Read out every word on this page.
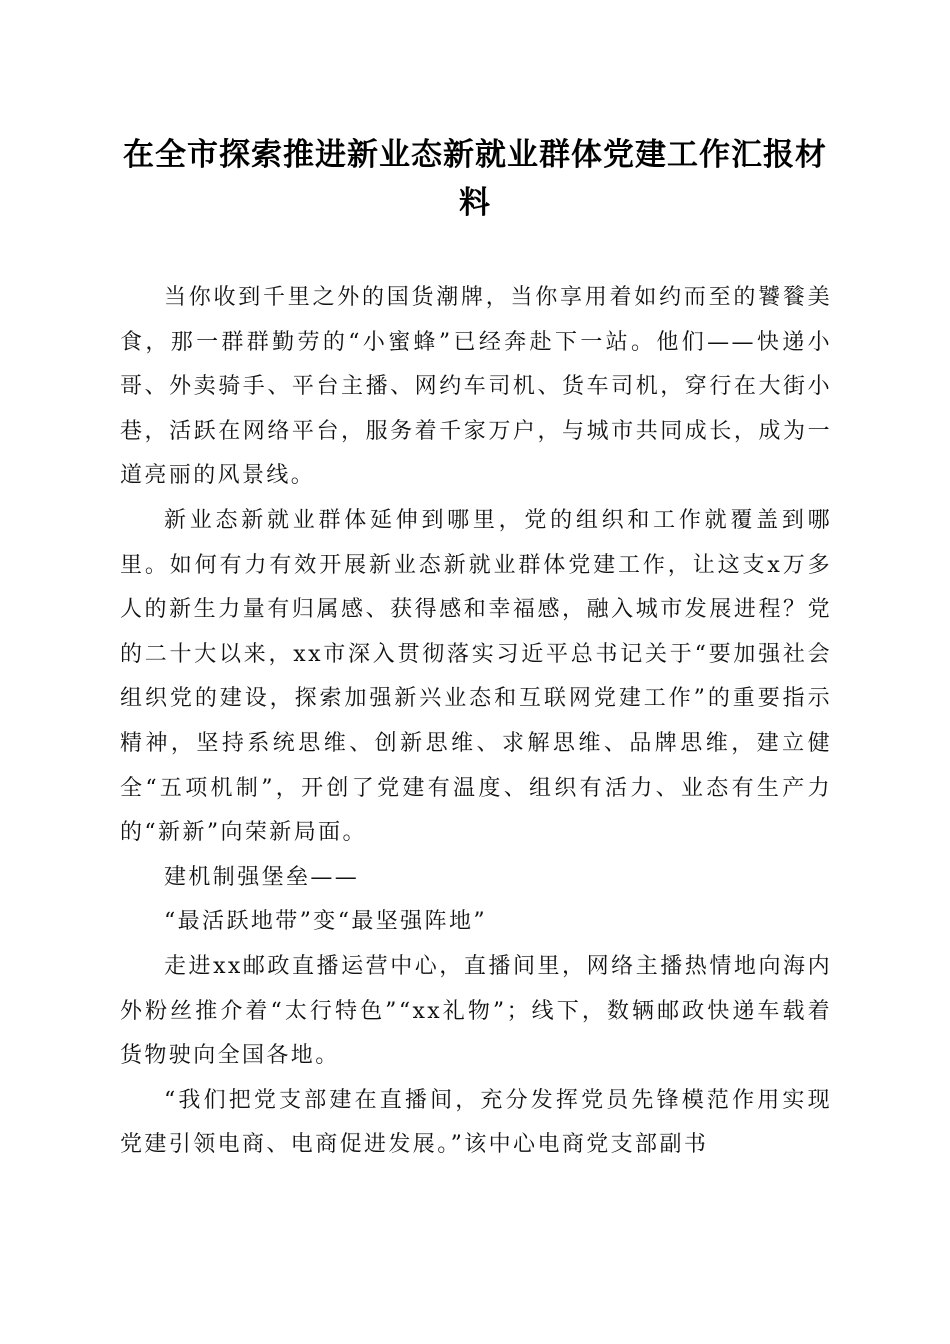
在全市探索推进新业态新就业群体党建工作汇报材料

当你收到千里之外的国货潮牌，当你享用着如约而至的饕餮美食，那一群群勤劳的“小蜜蜂”已经奔赴下一站。他们——快递小哥、外卖骑手、平台主播、网约车司机、货车司机，穿行在大街小巷，活跃在网络平台，服务着千家万户，与城市共同成长，成为一道亮丽的风景线。

新业态新就业群体延伸到哪里，党的组织和工作就覆盖到哪里。如何有力有效开展新业态新就业群体党建工作，让这支x万多人的新生力量有归属感、获得感和幸福感，融入城市发展进程？党的二十大以来，xx市深入贯彻落实习近平总书记关于“要加强社会组织党的建设，探索加强新兴业态和互联网党建工作”的重要指示精神，坚持系统思维、创新思维、求解思维、品牌思维，建立健全“五项机制”，开创了党建有温度、组织有活力、业态有生产力的“新新”向荣新局面。

建机制强堡垒——

“最活跃地带”变“最坚强阵地”

走进xx邮政直播运营中心，直播间里，网络主播热情地向海内外粉丝推介着“太行特色”“xx礼物”；线下，数辆邮政快递车载着货物驶向全国各地。

“我们把党支部建在直播间，充分发挥党员先锋模范作用实现党建引领电商、电商促进发展。”该中心电商党支部副书
